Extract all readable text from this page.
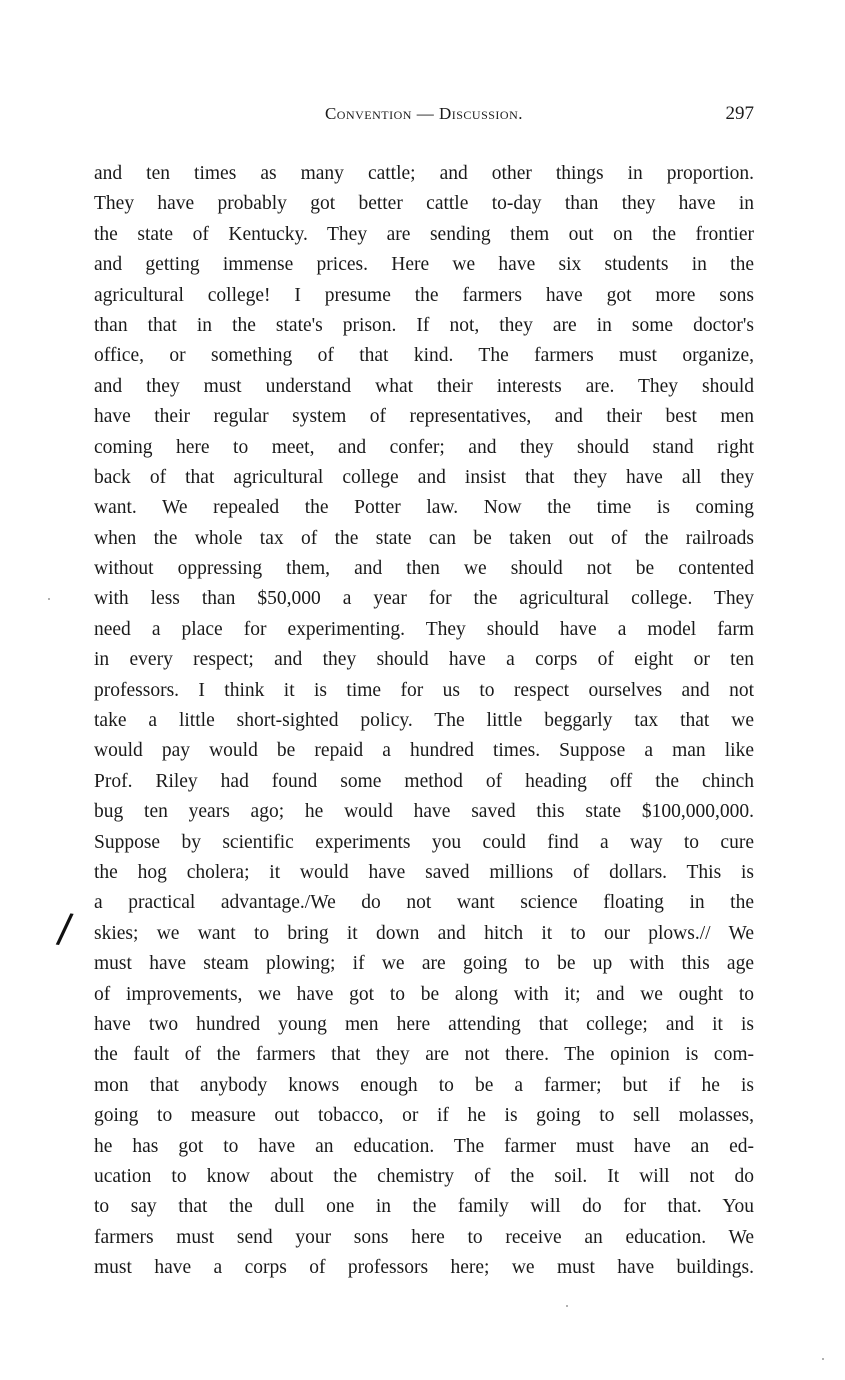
Convention — Discussion.	297
and ten times as many cattle; and other things in proportion.
They have probably got better cattle to-day than they have in
the state of Kentucky. They are sending them out on the frontier
and getting immense prices. Here we have six students in the
agricultural college! I presume the farmers have got more sons
than that in the state's prison. If not, they are in some doctor's
office, or something of that kind. The farmers must organize,
and they must understand what their interests are. They should
have their regular system of representatives, and their best men
coming here to meet, and confer; and they should stand right
back of that agricultural college and insist that they have all they
want. We repealed the Potter law. Now the time is coming
when the whole tax of the state can be taken out of the railroads
without oppressing them, and then we should not be contented
with less than $50,000 a year for the agricultural college. They
need a place for experimenting. They should have a model farm
in every respect; and they should have a corps of eight or ten
professors. I think it is time for us to respect ourselves and not
take a little short-sighted policy. The little beggarly tax that we
would pay would be repaid a hundred times. Suppose a man like
Prof. Riley had found some method of heading off the chinch
bug ten years ago; he would have saved this state $100,000,000.
Suppose by scientific experiments you could find a way to cure
the hog cholera; it would have saved millions of dollars. This is
a practical advantage./We do not want science floating in the
skies; we want to bring it down and hitch it to our plows.// We
must have steam plowing; if we are going to be up with this age
of improvements, we have got to be along with it; and we ought to
have two hundred young men here attending that college; and it is
the fault of the farmers that they are not there. The opinion is com-
mon that anybody knows enough to be a farmer; but if he is
going to measure out tobacco, or if he is going to sell molasses,
he has got to have an education. The farmer must have an ed-
ucation to know about the chemistry of the soil. It will not do
to say that the dull one in the family will do for that. You
farmers must send your sons here to receive an education. We
must have a corps of professors here; we must have buildings.
/
